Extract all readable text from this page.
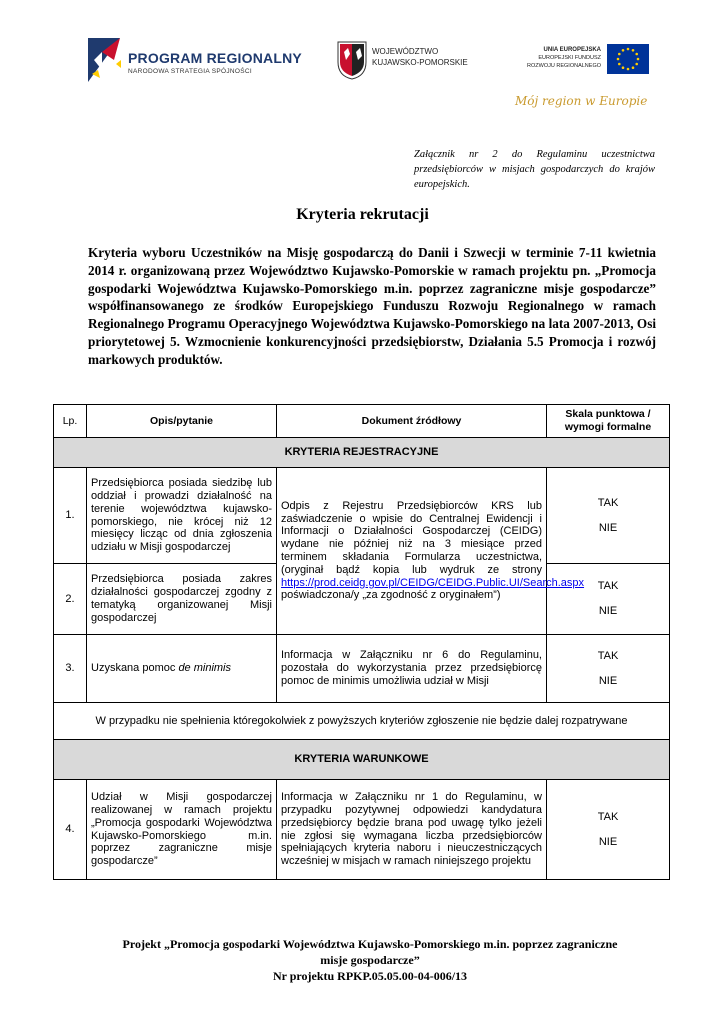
PROGRAM REGIONALNY
NARODOWA STRATEGIA SPÓJNOŚCI
WOJEWÓDZTWO
KUJAWSKO-POMORSKIE
UNIA EUROPEJSKA
EUROPEJSKI FUNDUSZ
ROZWOJU REGIONALNEGO
Mój region w Europie
Załącznik nr 2 do Regulaminu uczestnictwa przedsiębiorców w misjach gospodarczych do krajów europejskich.
Kryteria rekrutacji
Kryteria wyboru Uczestników na Misję gospodarczą do Danii i Szwecji w terminie 7-11 kwietnia 2014 r. organizowaną przez Województwo Kujawsko-Pomorskie w ramach projektu pn. „Promocja gospodarki Województwa Kujawsko-Pomorskiego m.in. poprzez zagraniczne misje gospodarcze” współfinansowanego ze środków Europejskiego Funduszu Rozwoju Regionalnego w ramach Regionalnego Programu Operacyjnego Województwa Kujawsko-Pomorskiego na lata 2007-2013, Osi priorytetowej 5. Wzmocnienie konkurencyjności przedsiębiorstw, Działania 5.5 Promocja i rozwój markowych produktów.
Lp.	Opis/pytanie	Dokument źródłowy	Skala punktowa / wymogi formalne
KRYTERIA REJESTRACYJNE			
1.	Przedsiębiorca posiada siedzibę lub oddział i prowadzi działalność na terenie województwa kujawsko-pomorskiego, nie krócej niż 12 miesięcy licząc od dnia zgłoszenia udziału w Misji gospodarczej	Odpis z Rejestru Przedsiębiorców KRS lub zaświadczenie o wpisie do Centralnej Ewidencji i Informacji o Działalności Gospodarczej (CEIDG) wydane nie później niż na 3 miesiące przed terminem składania Formularza uczestnictwa, (oryginał bądź kopia lub wydruk ze strony https://prod.ceidg.gov.pl/CEIDG/CEIDG.Public.UI/Search.aspx poświadczona/y „za zgodność z oryginałem”)	TAK
NIE

2.	Przedsiębiorca posiada zakres działalności gospodarczej zgodny z tematyką organizowanej Misji gospodarczej		TAK
NIE

3.	Uzyskana pomoc de minimis	Informacja w Załączniku nr 6 do Regulaminu, pozostała do wykorzystania przez przedsiębiorcę pomoc de minimis umożliwia udział w Misji	TAK
NIE

W przypadku nie spełnienia któregokolwiek z powyższych kryteriów zgłoszenie nie będzie dalej rozpatrywane			
KRYTERIA WARUNKOWE			
4.	Udział w Misji gospodarczej realizowanej w ramach projektu „Promocja gospodarki Województwa Kujawsko-Pomorskiego m.in. poprzez zagraniczne misje gospodarcze”	Informacja w Załączniku nr 1 do Regulaminu, w przypadku pozytywnej odpowiedzi kandydatura przedsiębiorcy będzie brana pod uwagę tylko jeżeli nie zgłosi się wymagana liczba przedsiębiorców spełniających kryteria naboru i nieuczestniczących wcześniej w misjach w ramach niniejszego projektu	TAK
NIE
Projekt „Promocja gospodarki Województwa Kujawsko-Pomorskiego m.in. poprzez zagraniczne
misje gospodarcze”
Nr projektu RPKP.05.05.00-04-006/13
